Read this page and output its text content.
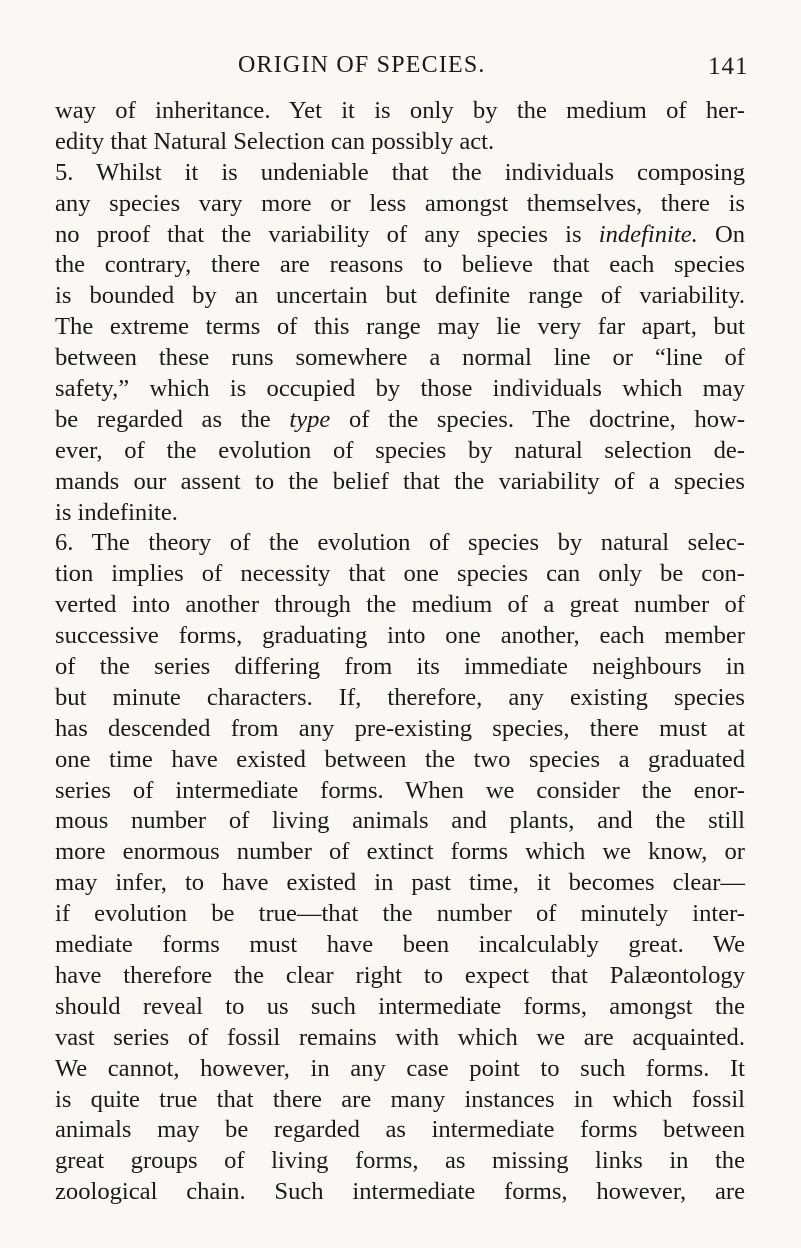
ORIGIN OF SPECIES.	141
way of inheritance. Yet it is only by the medium of her-
edity that Natural Selection can possibly act.
5. Whilst it is undeniable that the individuals composing
any species vary more or less amongst themselves, there is
no proof that the variability of any species is indefinite. On
the contrary, there are reasons to believe that each species
is bounded by an uncertain but definite range of variability.
The extreme terms of this range may lie very far apart, but
between these runs somewhere a normal line or “line of
safety,” which is occupied by those individuals which may
be regarded as the type of the species. The doctrine, how-
ever, of the evolution of species by natural selection de-
mands our assent to the belief that the variability of a species
is indefinite.
6. The theory of the evolution of species by natural selec-
tion implies of necessity that one species can only be con-
verted into another through the medium of a great number of
successive forms, graduating into one another, each member
of the series differing from its immediate neighbours in
but minute characters. If, therefore, any existing species
has descended from any pre-existing species, there must at
one time have existed between the two species a graduated
series of intermediate forms. When we consider the enor-
mous number of living animals and plants, and the still
more enormous number of extinct forms which we know, or
may infer, to have existed in past time, it becomes clear—
if evolution be true—that the number of minutely inter-
mediate forms must have been incalculably great. We
have therefore the clear right to expect that Palæontology
should reveal to us such intermediate forms, amongst the
vast series of fossil remains with which we are acquainted.
We cannot, however, in any case point to such forms. It
is quite true that there are many instances in which fossil
animals may be regarded as intermediate forms between
great groups of living forms, as missing links in the
zoological chain. Such intermediate forms, however, are
